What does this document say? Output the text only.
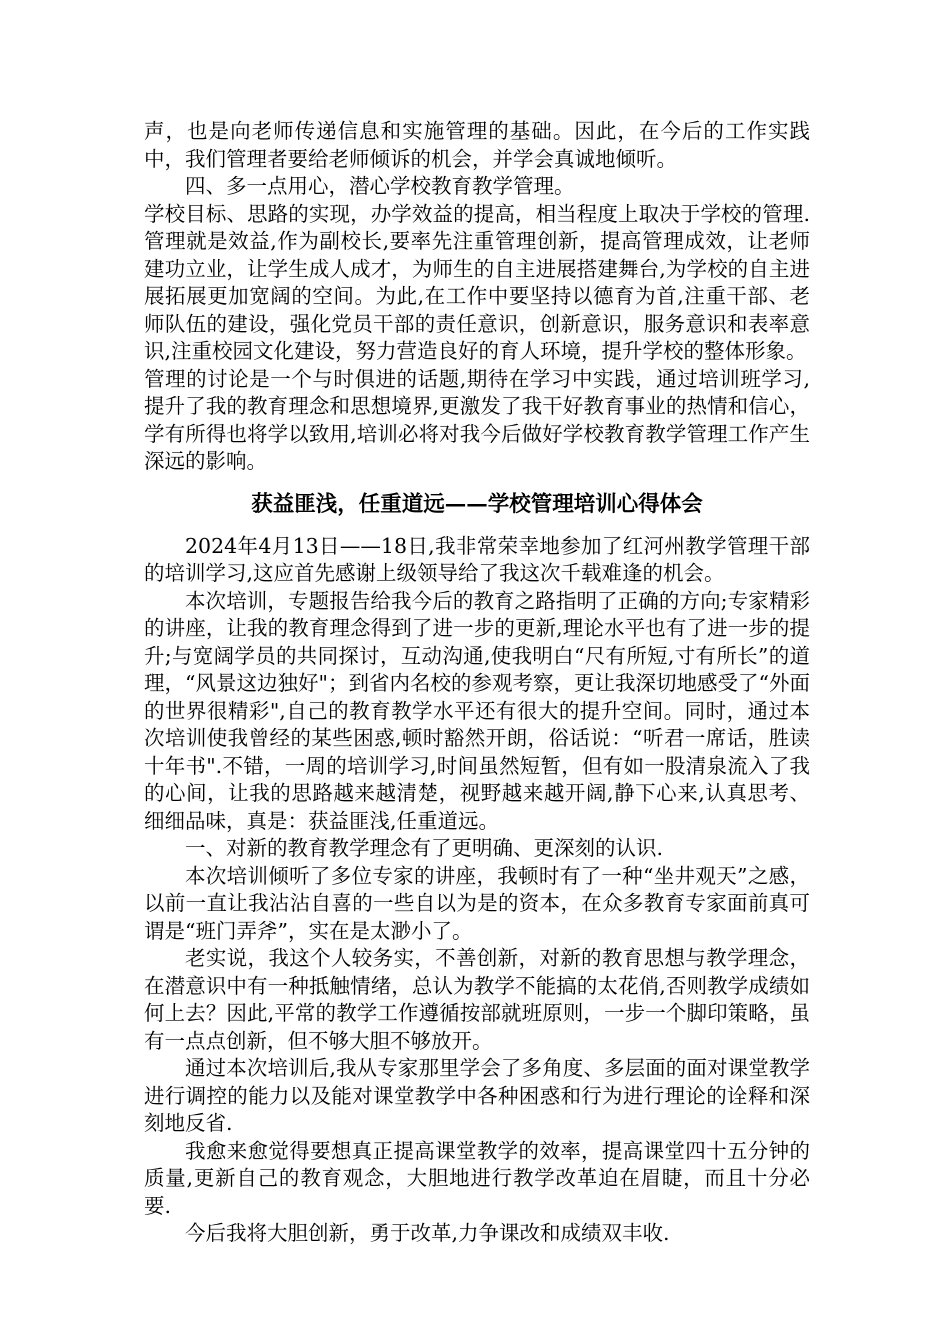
声，也是向老师传递信息和实施管理的基础。因此，在今后的工作实践中，我们管理者要给老师倾诉的机会，并学会真诚地倾听。

四、多一点用心，潜心学校教育教学管理。

学校目标、思路的实现，办学效益的提高，相当程度上取决于学校的管理.管理就是效益,作为副校长,要率先注重管理创新，提高管理成效，让老师建功立业，让学生成人成才，为师生的自主进展搭建舞台,为学校的自主进展拓展更加宽阔的空间。为此,在工作中要坚持以德育为首,注重干部、老师队伍的建设，强化党员干部的责任意识，创新意识，服务意识和表率意识,注重校园文化建设，努力营造良好的育人环境，提升学校的整体形象。

管理的讨论是一个与时俱进的话题,期待在学习中实践，通过培训班学习,提升了我的教育理念和思想境界,更激发了我干好教育事业的热情和信心，学有所得也将学以致用,培训必将对我今后做好学校教育教学管理工作产生深远的影响。

获益匪浅，任重道远——学校管理培训心得体会

2024年4月13日——18日,我非常荣幸地参加了红河州教学管理干部的培训学习,这应首先感谢上级领导给了我这次千载难逢的机会。

本次培训，专题报告给我今后的教育之路指明了正确的方向;专家精彩的讲座，让我的教育理念得到了进一步的更新,理论水平也有了进一步的提升;与宽阔学员的共同探讨，互动沟通,使我明白“尺有所短,寸有所长”的道理，“风景这边独好"；到省内名校的参观考察，更让我深切地感受了“外面的世界很精彩",自己的教育教学水平还有很大的提升空间。同时，通过本次培训使我曾经的某些困惑,顿时豁然开朗，俗话说：“听君一席话，胜读十年书".不错，一周的培训学习,时间虽然短暂，但有如一股清泉流入了我的心间，让我的思路越来越清楚，视野越来越开阔,静下心来,认真思考、细细品味，真是：获益匪浅,任重道远。

一、对新的教育教学理念有了更明确、更深刻的认识.

本次培训倾听了多位专家的讲座，我顿时有了一种“坐井观天”之感，以前一直让我沾沾自喜的一些自以为是的资本，在众多教育专家面前真可谓是“班门弄斧”，实在是太渺小了。

老实说，我这个人较务实，不善创新，对新的教育思想与教学理念，在潜意识中有一种抵触情绪，总认为教学不能搞的太花俏,否则教学成绩如何上去？因此,平常的教学工作遵循按部就班原则，一步一个脚印策略，虽有一点点创新，但不够大胆不够放开。

通过本次培训后,我从专家那里学会了多角度、多层面的面对课堂教学进行调控的能力以及能对课堂教学中各种困惑和行为进行理论的诠释和深刻地反省.

我愈来愈觉得要想真正提高课堂教学的效率，提高课堂四十五分钟的质量,更新自己的教育观念，大胆地进行教学改革迫在眉睫，而且十分必要.

今后我将大胆创新，勇于改革,力争课改和成绩双丰收.
